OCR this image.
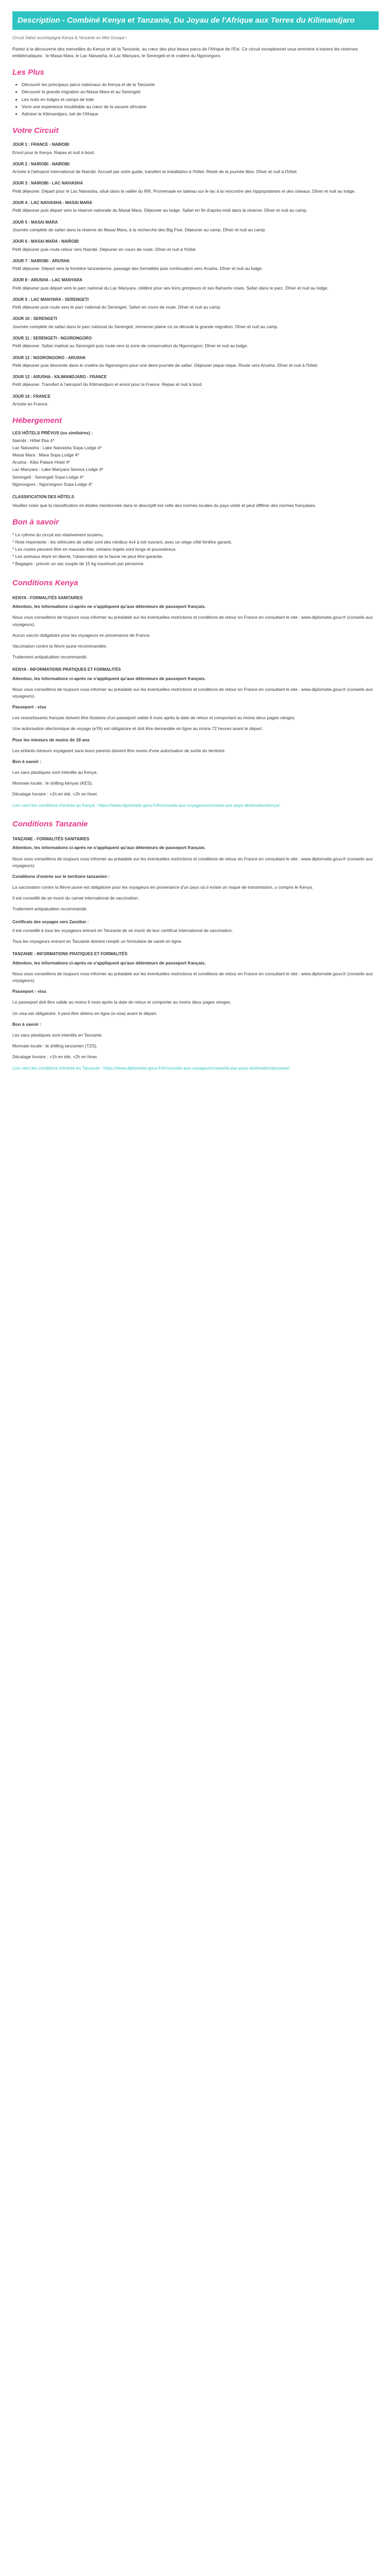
Description - Combiné Kenya et Tanzanie, Du Joyau de l'Afrique aux Terres du Kilimandjaro
Circuit Safari accompagné Kenya & Tanzanie en Mini Groupe !
Partez à la découverte des merveilles du Kenya et de la Tanzanie, au cœur des plus beaux parcs de l'Afrique de l'Est. Ce circuit exceptionnel vous emmène à travers les réserves emblématiques : le Masai Mara, le Lac Naivasha, le Lac Manyara, le Serengeti et le cratère du Ngorongoro.
Les Plus
• Découvrir les principaux parcs nationaux du Kenya et de la Tanzanie
• Découvrir la grande migration au Masai Mara et au Serengeti
• Les nuits en lodges et camps de toile
• Vivre une expérience inoubliable au cœur de la savane africaine
• Admirer le Kilimandjaro, toit de l'Afrique
Votre Circuit
JOUR 1 : FRANCE - NAIROBI
Envol pour le Kenya. Repas et nuit à bord.
JOUR 2 : NAIROBI - NAIROBI
Arrivée à l'aéroport international de Nairobi. Accueil par votre guide, transfert et installation à l'hôtel. Reste de la journée libre. Dîner et nuit à l'hôtel.
JOUR 3 : NAIROBI - LAC NAIVASHA
Petit déjeuner. Départ pour le Lac Naivasha, situé dans la vallée du Rift. Promenade en bateau sur le lac à la rencontre des hippopotames et des oiseaux. Dîner et nuit au lodge.
JOUR 4 : LAC NAIVASHA - MASAI MARA
Petit déjeuner puis départ vers la réserve nationale du Masai Mara. Déjeuner au lodge. Safari en fin d'après-midi dans la réserve. Dîner et nuit au camp.
JOUR 5 : MASAI MARA
Journée complète de safari dans la réserve du Masai Mara, à la recherche des Big Five. Déjeuner au camp. Dîner et nuit au camp.
JOUR 6 : MASAI MARA - NAIROBI
Petit déjeuner puis route retour vers Nairobi. Déjeuner en cours de route. Dîner et nuit à l'hôtel.
JOUR 7 : NAIROBI - ARUSHA
Petit déjeuner. Départ vers la frontière tanzanienne, passage des formalités puis continuation vers Arusha. Dîner et nuit au lodge.
JOUR 8 : ARUSHA - LAC MANYARA
Petit déjeuner puis départ vers le parc national du Lac Manyara, célèbre pour ses lions grimpeurs et ses flamants roses. Safari dans le parc. Dîner et nuit au lodge.
JOUR 9 : LAC MANYARA - SERENGETI
Petit déjeuner puis route vers le parc national du Serengeti. Safari en cours de route. Dîner et nuit au camp.
JOUR 10 : SERENGETI
Journée complète de safari dans le parc national du Serengeti, immense plaine où se déroule la grande migration. Dîner et nuit au camp.
JOUR 11 : SERENGETI - NGORONGORO
Petit déjeuner. Safari matinal au Serengeti puis route vers la zone de conservation du Ngorongoro. Dîner et nuit au lodge.
JOUR 12 : NGORONGORO - ARUSHA
Petit déjeuner puis descente dans le cratère du Ngorongoro pour une demi-journée de safari. Déjeuner pique-nique. Route vers Arusha. Dîner et nuit à l'hôtel.
JOUR 13 : ARUSHA - KILIMANDJARO - FRANCE
Petit déjeuner. Transfert à l'aéroport du Kilimandjaro et envol pour la France. Repas et nuit à bord.
JOUR 14 : FRANCE
Arrivée en France.
Hébergement
LES HÔTELS PRÉVUS (ou similaires) :
Nairobi : Hôtel Eka 4*
Lac Naivasha : Lake Naivasha Sopa Lodge 4*
Masai Mara : Mara Sopa Lodge 4*
Arusha : Kibo Palace Hotel 4*
Lac Manyara : Lake Manyara Serena Lodge 4*
Serengeti : Serengeti Sopa Lodge 4*
Ngorongoro : Ngorongoro Sopa Lodge 4*
CLASSIFICATION DES HÔTELS
Veuillez noter que la classification en étoiles mentionnée dans le descriptif est celle des normes locales du pays visité et peut différer des normes françaises.
Bon à savoir
* Le rythme du circuit est relativement soutenu.
* Note importante : les véhicules de safari sont des minibus 4x4 à toit ouvrant, avec un siège côté fenêtre garanti.
* Les routes peuvent être en mauvais état, certains trajets sont longs et poussiéreux.
* Les animaux étant en liberté, l'observation de la faune ne peut être garantie.
* Bagages : prévoir un sac souple de 15 kg maximum par personne.
Conditions Kenya
KENYA - FORMALITÉS SANITAIRES
Attention, les informations ci-après ne s'appliquent qu'aux détenteurs de passeport français.
Nous vous conseillons de toujours vous informer au préalable sur les éventuelles restrictions et conditions de retour en France en consultant le site : www.diplomatie.gouv.fr (conseils aux voyageurs).
Aucun vaccin obligatoire pour les voyageurs en provenance de France.
Vaccination contre la fièvre jaune recommandée.
Traitement antipaludéen recommandé.
KENYA - INFORMATIONS PRATIQUES ET FORMALITÉS
Attention, les informations ci-après ne s'appliquent qu'aux détenteurs de passeport français.
Nous vous conseillons de toujours vous informer au préalable sur les éventuelles restrictions et conditions de retour en France en consultant le site : www.diplomatie.gouv.fr (conseils aux voyageurs).
Passeport - visa
Les ressortissants français doivent être titulaires d'un passeport valide 6 mois après la date de retour et comportant au moins deux pages vierges.
Une autorisation électronique de voyage (eTA) est obligatoire et doit être demandée en ligne au moins 72 heures avant le départ.
Pour les mineurs de moins de 18 ans
Les enfants mineurs voyageant sans leurs parents doivent être munis d'une autorisation de sortie du territoire.
Bon à savoir :
Les sacs plastiques sont interdits au Kenya.
Monnaie locale : le shilling kényan (KES).
Décalage horaire : +1h en été, +2h en hiver.
Lien vers les conditions d'entrée au Kenya : https://www.diplomatie.gouv.fr/fr/conseils-aux-voyageurs/conseils-par-pays-destination/kenya/
Conditions Tanzanie
TANZANIE - FORMALITÉS SANITAIRES
Attention, les informations ci-après ne s'appliquent qu'aux détenteurs de passeport français.
Nous vous conseillons de toujours vous informer au préalable sur les éventuelles restrictions et conditions de retour en France en consultant le site : www.diplomatie.gouv.fr (conseils aux voyageurs).
Conditions d'entrée sur le territoire tanzanien :
La vaccination contre la fièvre jaune est obligatoire pour les voyageurs en provenance d'un pays où il existe un risque de transmission, y compris le Kenya.
Il est conseillé de se munir du carnet international de vaccination.
Traitement antipaludéen recommandé.
Certificats des voyages vers Zanzibar :
Il est conseillé à tous les voyageurs entrant en Tanzanie de se munir de leur certificat international de vaccination.
Tous les voyageurs entrant en Tanzanie doivent remplir un formulaire de santé en ligne.
TANZANIE - INFORMATIONS PRATIQUES ET FORMALITÉS
Attention, les informations ci-après ne s'appliquent qu'aux détenteurs de passeport français.
Nous vous conseillons de toujours vous informer au préalable sur les éventuelles restrictions et conditions de retour en France en consultant le site : www.diplomatie.gouv.fr (conseils aux voyageurs).
Passeport - visa
Le passeport doit être valide au moins 6 mois après la date de retour et comporter au moins deux pages vierges.
Un visa est obligatoire. Il peut être obtenu en ligne (e-visa) avant le départ.
Bon à savoir :
Les sacs plastiques sont interdits en Tanzanie.
Monnaie locale : le shilling tanzanien (TZS).
Décalage horaire : +1h en été, +2h en hiver.
Lien vers les conditions d'entrée en Tanzanie : https://www.diplomatie.gouv.fr/fr/conseils-aux-voyageurs/conseils-par-pays-destination/tanzanie/
